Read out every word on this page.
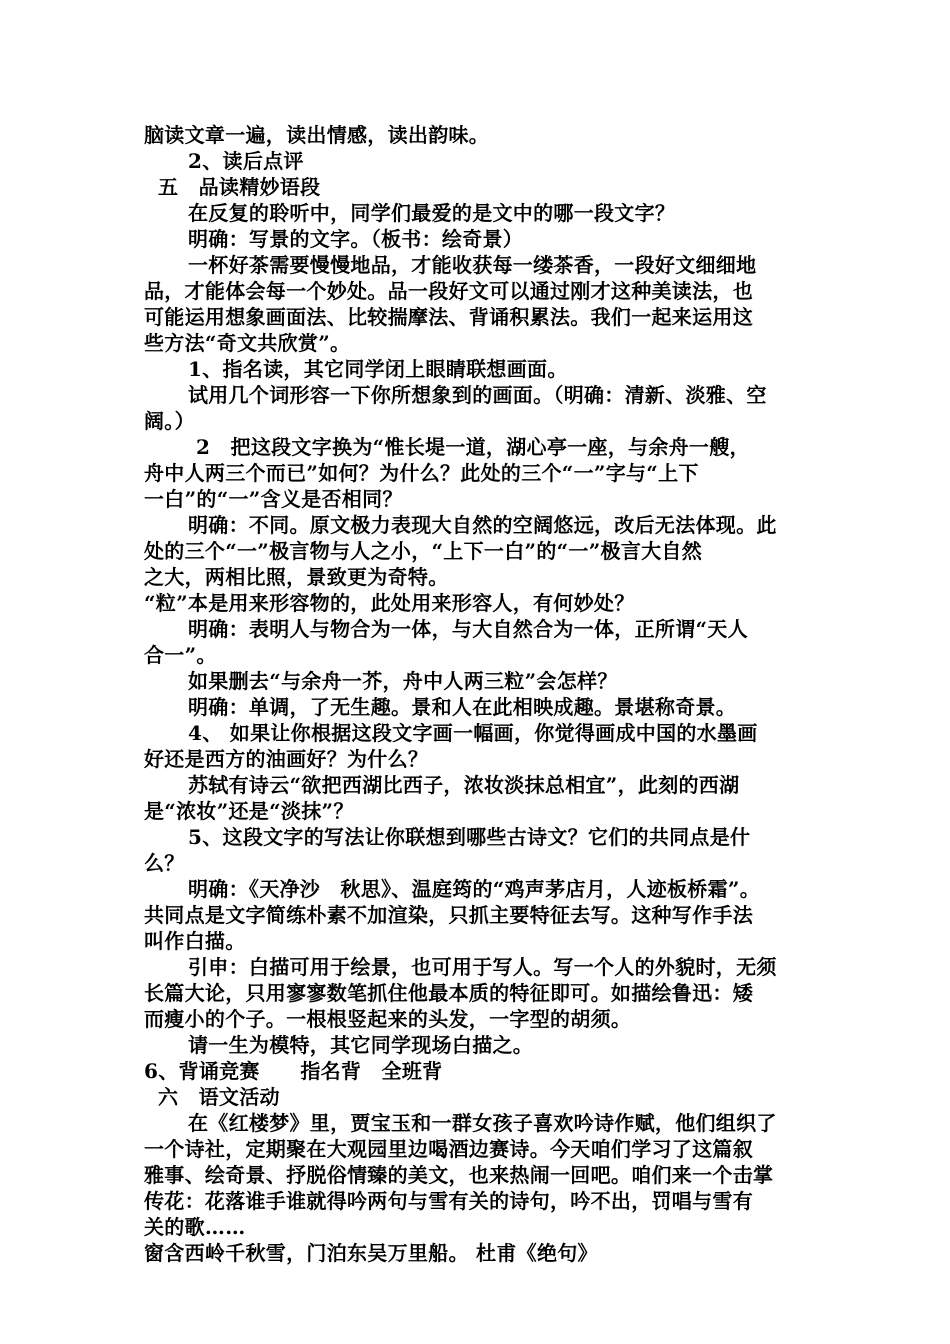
脑读文章一遍，读出情感，读出韵味。
2、读后点评
五　品读精妙语段
在反复的聆听中，同学们最爱的是文中的哪一段文字？
明确：写景的文字。（板书：绘奇景）
一杯好茶需要慢慢地品，才能收获每一缕茶香，一段好文细细地
品，才能体会每一个妙处。品一段好文可以通过刚才这种美读法，也
可能运用想象画面法、比较揣摩法、背诵积累法。我们一起来运用这
些方法“奇文共欣赏”。
1、指名读，其它同学闭上眼睛联想画面。
试用几个词形容一下你所想象到的画面。（明确：清新、淡雅、空
阔。）
2　把这段文字换为“惟长堤一道，湖心亭一座，与余舟一艘，
舟中人两三个而已”如何？为什么？此处的三个“一”字与“上下
一白”的“一”含义是否相同？
明确：不同。原文极力表现大自然的空阔悠远，改后无法体现。此
处的三个“一”极言物与人之小，“上下一白”的“一”极言大自然
之大，两相比照，景致更为奇特。
“粒”本是用来形容物的，此处用来形容人，有何妙处？
明确：表明人与物合为一体，与大自然合为一体，正所谓“天人
合一”。
如果删去“与余舟一芥，舟中人两三粒”会怎样？
明确：单调，了无生趣。景和人在此相映成趣。景堪称奇景。
4、 如果让你根据这段文字画一幅画，你觉得画成中国的水墨画
好还是西方的油画好？为什么？
苏轼有诗云“欲把西湖比西子，浓妆淡抹总相宜”，此刻的西湖
是“浓妆”还是“淡抹”？
5、这段文字的写法让你联想到哪些古诗文？它们的共同点是什
么？
明确：《天净沙　秋思》、温庭筠的“鸡声茅店月，人迹板桥霜”。
共同点是文字简练朴素不加渲染，只抓主要特征去写。这种写作手法
叫作白描。
引申：白描可用于绘景，也可用于写人。写一个人的外貌时，无须
长篇大论，只用寥寥数笔抓住他最本质的特征即可。如描绘鲁迅：矮
而瘦小的个子。一根根竖起来的头发，一字型的胡须。
请一生为模特，其它同学现场白描之。
6、背诵竞赛　　指名背　全班背
六　语文活动
在《红楼梦》里，贾宝玉和一群女孩子喜欢吟诗作赋，他们组织了
一个诗社，定期聚在大观园里边喝酒边赛诗。今天咱们学习了这篇叙
雅事、绘奇景、抒脱俗情臻的美文，也来热闹一回吧。咱们来一个击掌
传花：花落谁手谁就得吟两句与雪有关的诗句，吟不出，罚唱与雪有
关的歌……
窗含西岭千秋雪，门泊东吴万里船。 杜甫《绝句》
